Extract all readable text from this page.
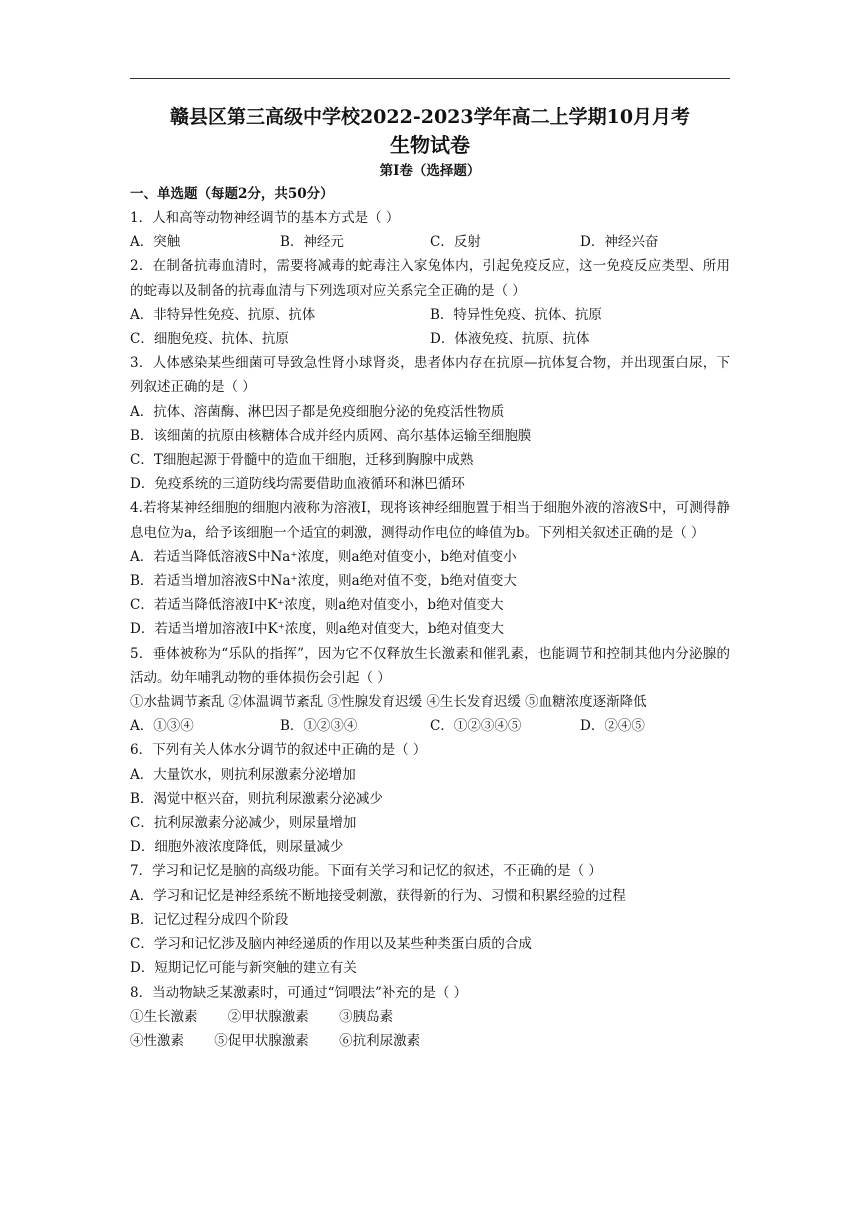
赣县区第三高级中学校2022-2023学年高二上学期10月月考

生物试卷

第I卷（选择题）

一、单选题（每题2分，共50分）

1．人和高等动物神经调节的基本方式是（ ）

A．突触	B．神经元	C．反射	D．神经兴奋

2．在制备抗毒血清时，需要将减毒的蛇毒注入家兔体内，引起免疫反应，这一免疫反应类型、所用的蛇毒以及制备的抗毒血清与下列选项对应关系完全正确的是（ ）

A．非特异性免疫、抗原、抗体	B．特异性免疫、抗体、抗原
C．细胞免疫、抗体、抗原	D．体液免疫、抗原、抗体

3．人体感染某些细菌可导致急性肾小球肾炎，患者体内存在抗原—抗体复合物，并出现蛋白尿，下列叙述正确的是（ ）

A．抗体、溶菌酶、淋巴因子都是免疫细胞分泌的免疫活性物质

B．该细菌的抗原由核糖体合成并经内质网、高尔基体运输至细胞膜

C．T细胞起源于骨髓中的造血干细胞，迁移到胸腺中成熟

D．免疫系统的三道防线均需要借助血液循环和淋巴循环

4.若将某神经细胞的细胞内液称为溶液I，现将该神经细胞置于相当于细胞外液的溶液S中，可测得静息电位为a，给予该细胞一个适宜的刺激，测得动作电位的峰值为b。下列相关叙述正确的是（ ）

A．若适当降低溶液S中Na⁺浓度，则a绝对值变小，b绝对值变小

B．若适当增加溶液S中Na⁺浓度，则a绝对值不变，b绝对值变大

C．若适当降低溶液I中K⁺浓度，则a绝对值变小，b绝对值变大

D．若适当增加溶液I中K⁺浓度，则a绝对值变大，b绝对值变大

5．垂体被称为“乐队的指挥”，因为它不仅释放生长激素和催乳素，也能调节和控制其他内分泌腺的活动。幼年哺乳动物的垂体损伤会引起（ ）

①水盐调节紊乱 ②体温调节紊乱 ③性腺发育迟缓 ④生长发育迟缓 ⑤血糖浓度逐渐降低

A．①③④	B．①②③④	C．①②③④⑤	D．②④⑤

6．下列有关人体水分调节的叙述中正确的是（ ）

A．大量饮水，则抗利尿激素分泌增加

B．渴觉中枢兴奋，则抗利尿激素分泌减少

C．抗利尿激素分泌减少，则尿量增加

D．细胞外液浓度降低，则尿量减少

7．学习和记忆是脑的高级功能。下面有关学习和记忆的叙述，不正确的是（ ）

A．学习和记忆是神经系统不断地接受刺激，获得新的行为、习惯和积累经验的过程

B．记忆过程分成四个阶段

C．学习和记忆涉及脑内神经递质的作用以及某些种类蛋白质的合成

D．短期记忆可能与新突触的建立有关

8．当动物缺乏某激素时，可通过“饲喂法”补充的是（ ）

①生长激素 ②甲状腺激素 ③胰岛素
④性激素 ⑤促甲状腺激素 ⑥抗利尿激素
